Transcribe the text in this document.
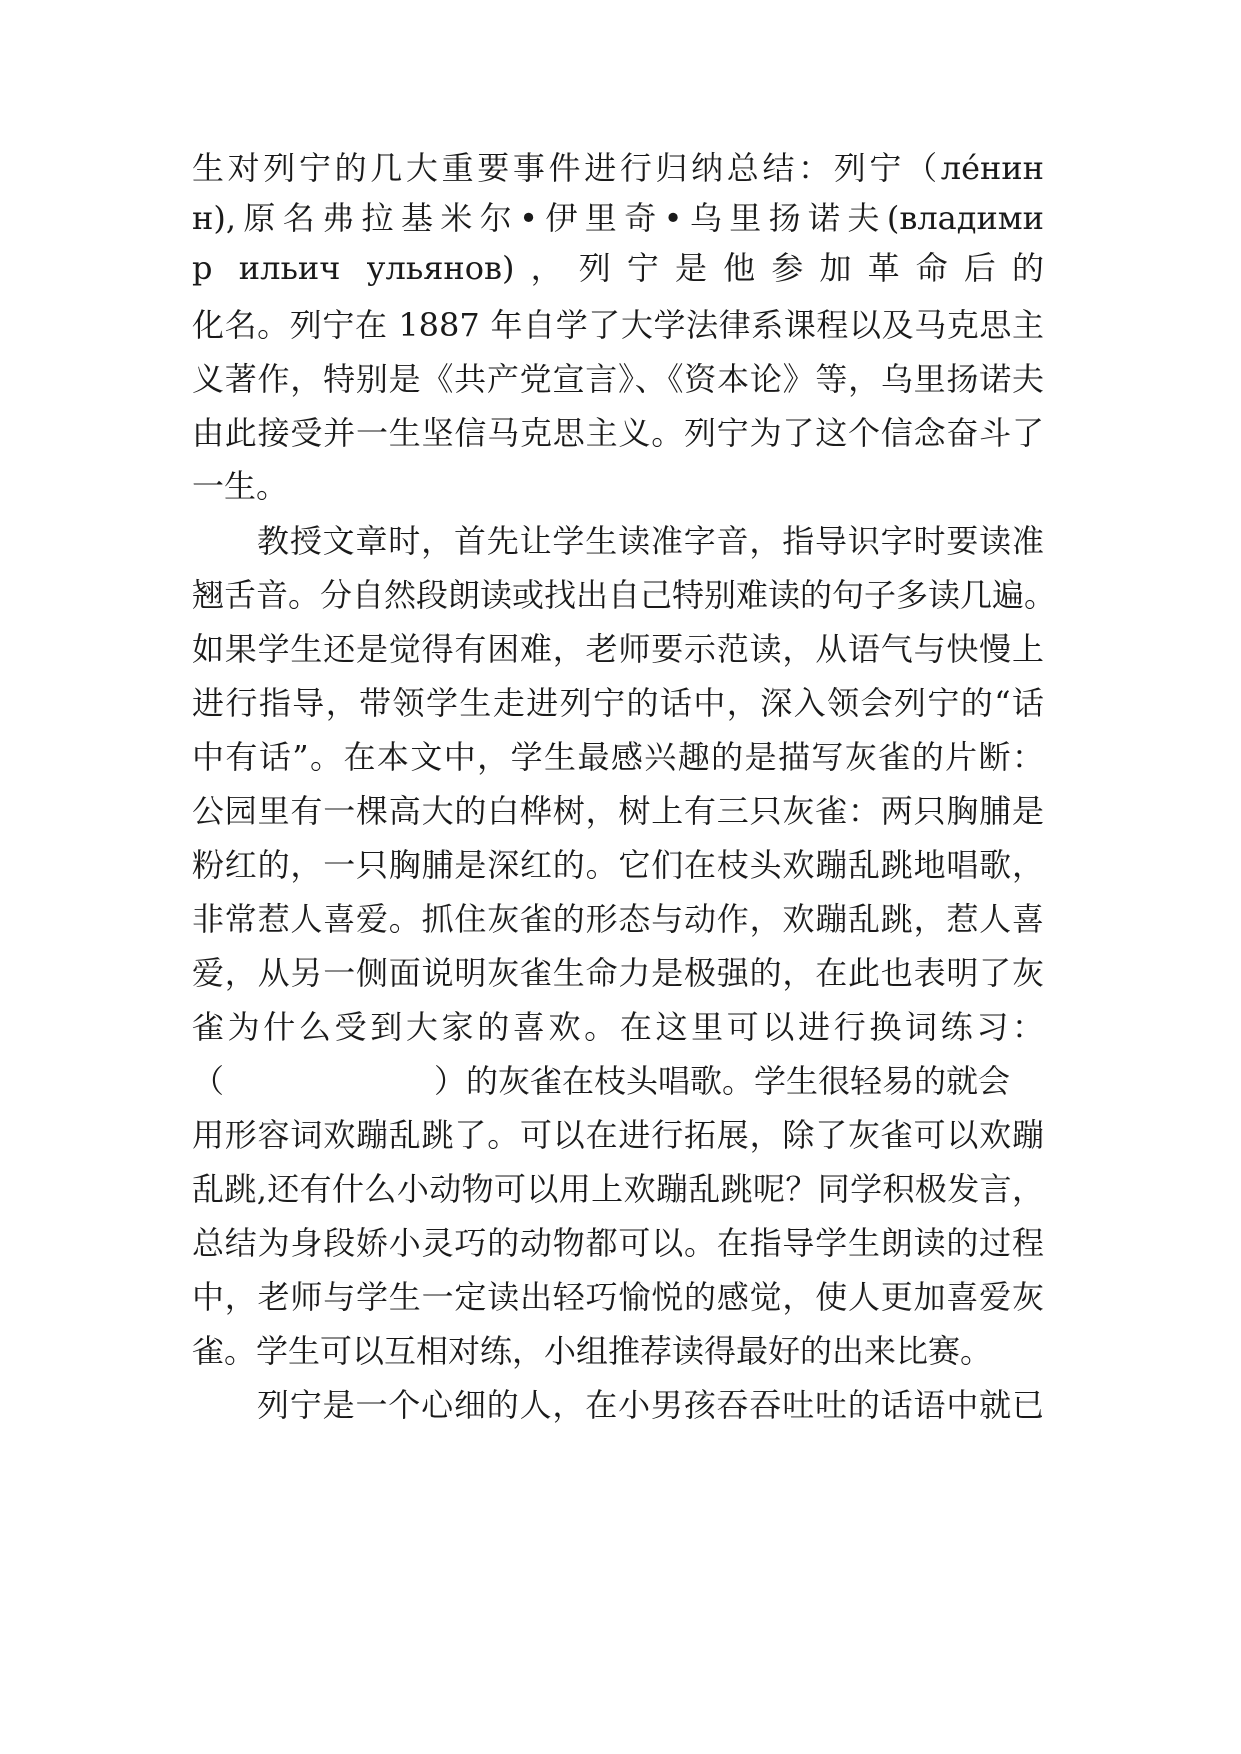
生对列宁的几大重要事件进行归纳总结：列宁（лéнин
н),原名弗拉基米尔•伊里奇•乌里扬诺夫(владими
р ильич ульянов)，列宁是他参加革命后的
化名。列宁在 1887 年自学了大学法律系课程以及马克思主
义著作，特别是《共产党宣言》、《资本论》等，乌里扬诺夫
由此接受并一生坚信马克思主义。列宁为了这个信念奋斗了
一生。
教授文章时，首先让学生读准字音，指导识字时要读准
翘舌音。分自然段朗读或找出自己特别难读的句子多读几遍。
如果学生还是觉得有困难，老师要示范读，从语气与快慢上
进行指导，带领学生走进列宁的话中，深入领会列宁的“话
中有话”。在本文中，学生最感兴趣的是描写灰雀的片断：
公园里有一棵高大的白桦树，树上有三只灰雀：两只胸脯是
粉红的，一只胸脯是深红的。它们在枝头欢蹦乱跳地唱歌，
非常惹人喜爱。抓住灰雀的形态与动作，欢蹦乱跳，惹人喜
爱，从另一侧面说明灰雀生命力是极强的，在此也表明了灰
雀为什么受到大家的喜欢。在这里可以进行换词练习：
（	）的灰雀在枝头唱歌。学生很轻易的就会
用形容词欢蹦乱跳了。可以在进行拓展，除了灰雀可以欢蹦
乱跳,还有什么小动物可以用上欢蹦乱跳呢？同学积极发言，
总结为身段娇小灵巧的动物都可以。在指导学生朗读的过程
中，老师与学生一定读出轻巧愉悦的感觉，使人更加喜爱灰
雀。学生可以互相对练，小组推荐读得最好的出来比赛。
列宁是一个心细的人，在小男孩吞吞吐吐的话语中就已
